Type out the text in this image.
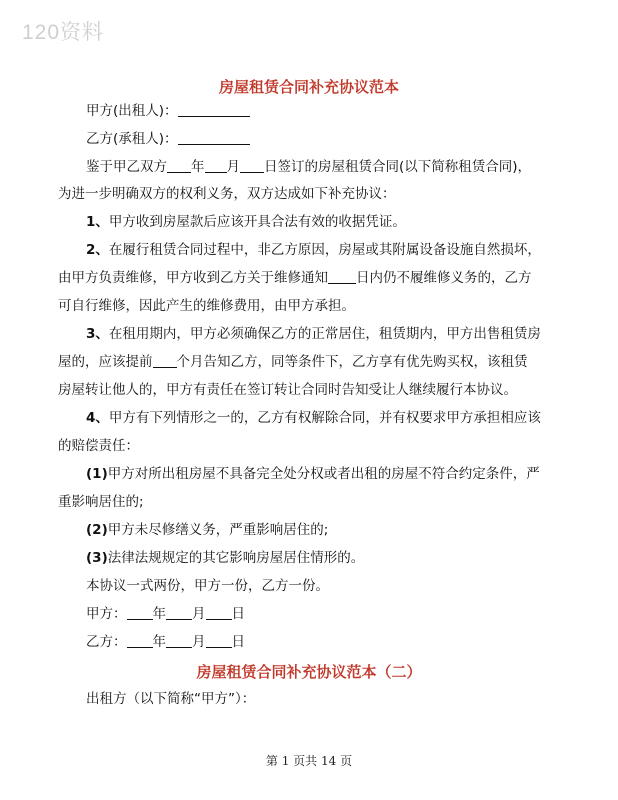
120资料
房屋租赁合同补充协议范本
甲方(出租人)：
乙方(承租人)：
鉴于甲乙双方 年 月 日签订的房屋租赁合同(以下简称租赁合同)，
为进一步明确双方的权利义务，双方达成如下补充协议：
1、甲方收到房屋款后应该开具合法有效的收据凭证。
2、在履行租赁合同过程中，非乙方原因，房屋或其附属设备设施自然损坏，
由甲方负责维修，甲方收到乙方关于维修通知 日内仍不履维修义务的，乙方
可自行维修，因此产生的维修费用，由甲方承担。
3、在租用期内，甲方必须确保乙方的正常居住，租赁期内，甲方出售租赁房
屋的，应该提前 个月告知乙方，同等条件下，乙方享有优先购买权，该租赁
房屋转让他人的，甲方有责任在签订转让合同时告知受让人继续履行本协议。
4、甲方有下列情形之一的，乙方有权解除合同，并有权要求甲方承担相应该
的赔偿责任：
(1)甲方对所出租房屋不具备完全处分权或者出租的房屋不符合约定条件，严
重影响居住的;
(2)甲方未尽修缮义务，严重影响居住的;
(3)法律法规规定的其它影响房屋居住情形的。
本协议一式两份，甲方一份，乙方一份。
甲方： 年 月 日
乙方： 年 月 日
房屋租赁合同补充协议范本（二）
出租方（以下简称“甲方”）：
第 1 页共 14 页
